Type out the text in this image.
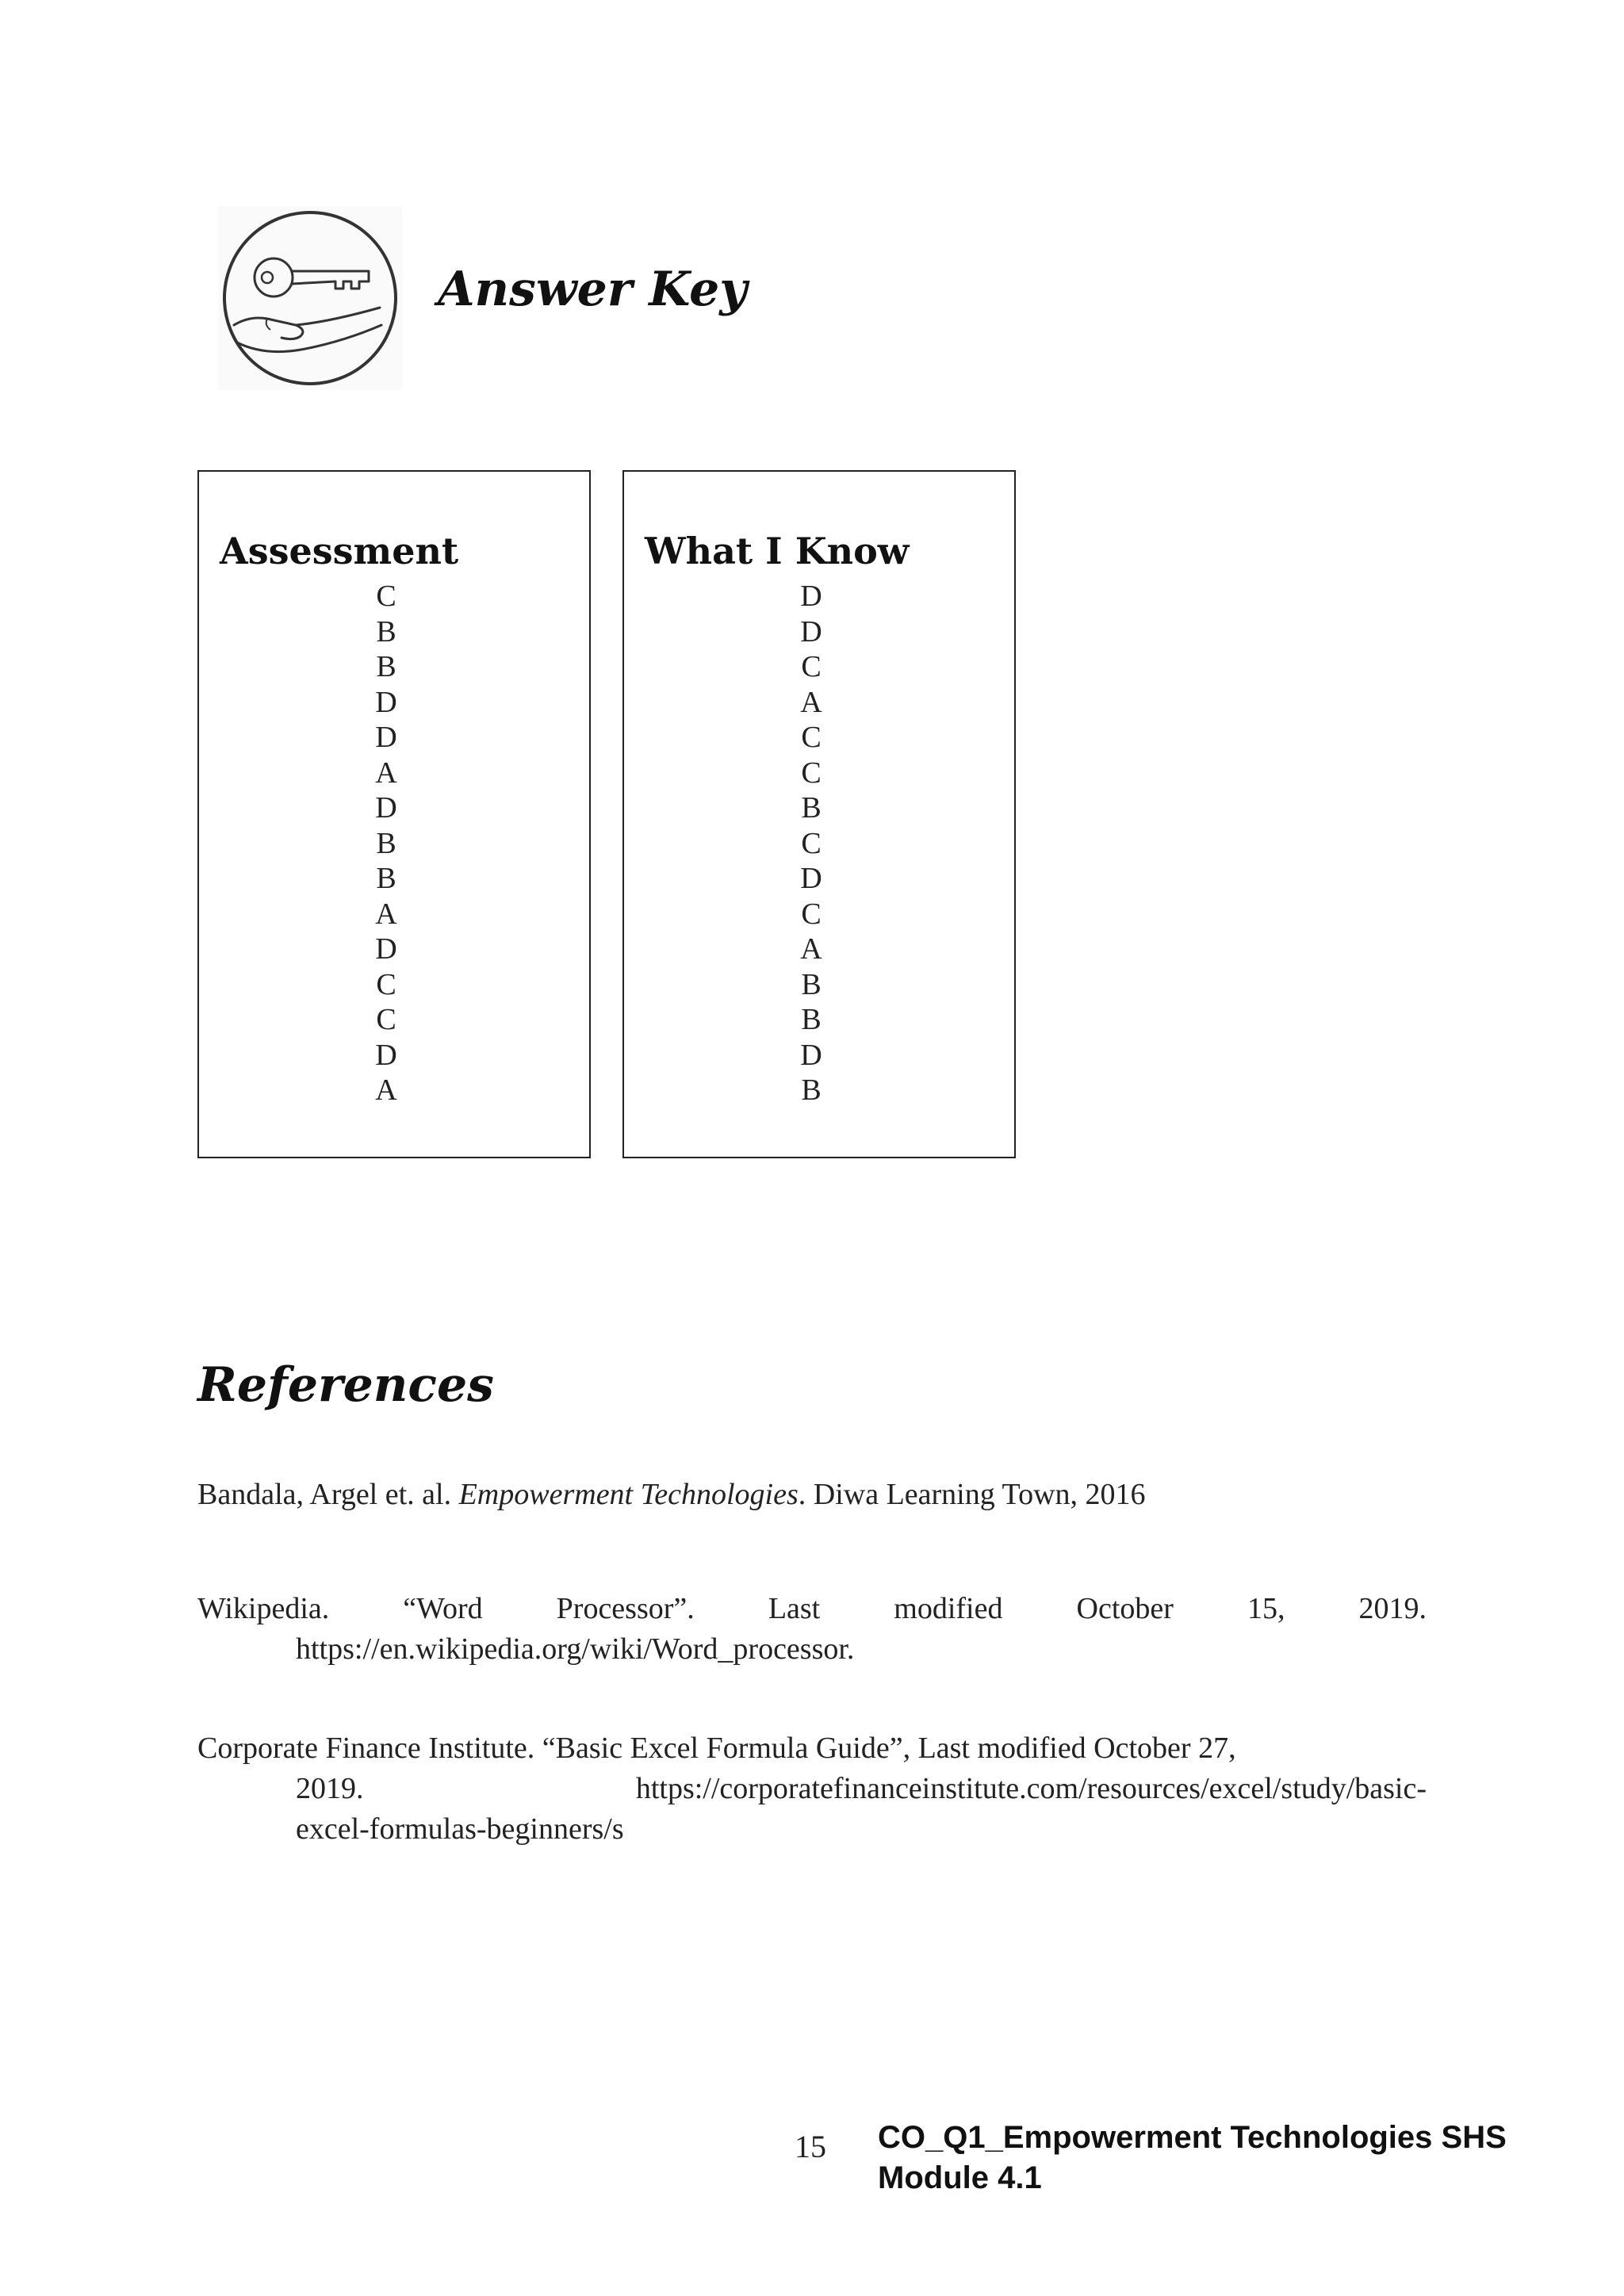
Answer Key
Assessment
C
B
B
D
D
A
D
B
B
A
D
C
C
D
A
What I Know
D
D
C
A
C
C
B
C
D
C
A
B
B
D
B
References
Bandala, Argel et. al. Empowerment Technologies. Diwa Learning Town, 2016
Wikipedia. “Word Processor”. Last modified October 15, 2019.
https://en.wikipedia.org/wiki/Word_processor.
Corporate Finance Institute. “Basic Excel Formula Guide”, Last modified October 27,
2019.	https://corporatefinanceinstitute.com/resources/excel/study/basic-
excel-formulas-beginners/s
15 CO_Q1_Empowerment Technologies SHS
Module 4.1
